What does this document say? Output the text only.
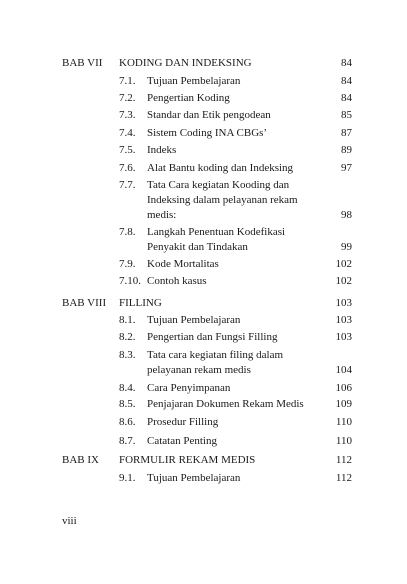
BAB VII KODING DAN INDEKSING	84
7.1. Tujuan Pembelajaran	84
7.2. Pengertian Koding	84
7.3. Standar dan Etik pengodean	85
7.4. Sistem Coding INA CBGs’	87
7.5. Indeks	89
7.6. Alat Bantu koding dan Indeksing	97
7.7. Tata Cara kegiatan Kooding dan
Indeksing dalam pelayanan rekam
medis:	98
7.8. Langkah Penentuan Kodefikasi
Penyakit dan Tindakan	99
7.9. Kode Mortalitas	102
7.10. Contoh kasus	102
BAB VIII FILLING	103
8.1. Tujuan Pembelajaran	103
8.2. Pengertian dan Fungsi Filling	103
8.3. Tata cara kegiatan filing dalam
pelayanan rekam medis	104
8.4. Cara Penyimpanan	106
8.5. Penjajaran Dokumen Rekam Medis	109
8.6. Prosedur Filling	110
8.7. Catatan Penting	110
BAB IX FORMULIR REKAM MEDIS	112
9.1. Tujuan Pembelajaran	112
viii
